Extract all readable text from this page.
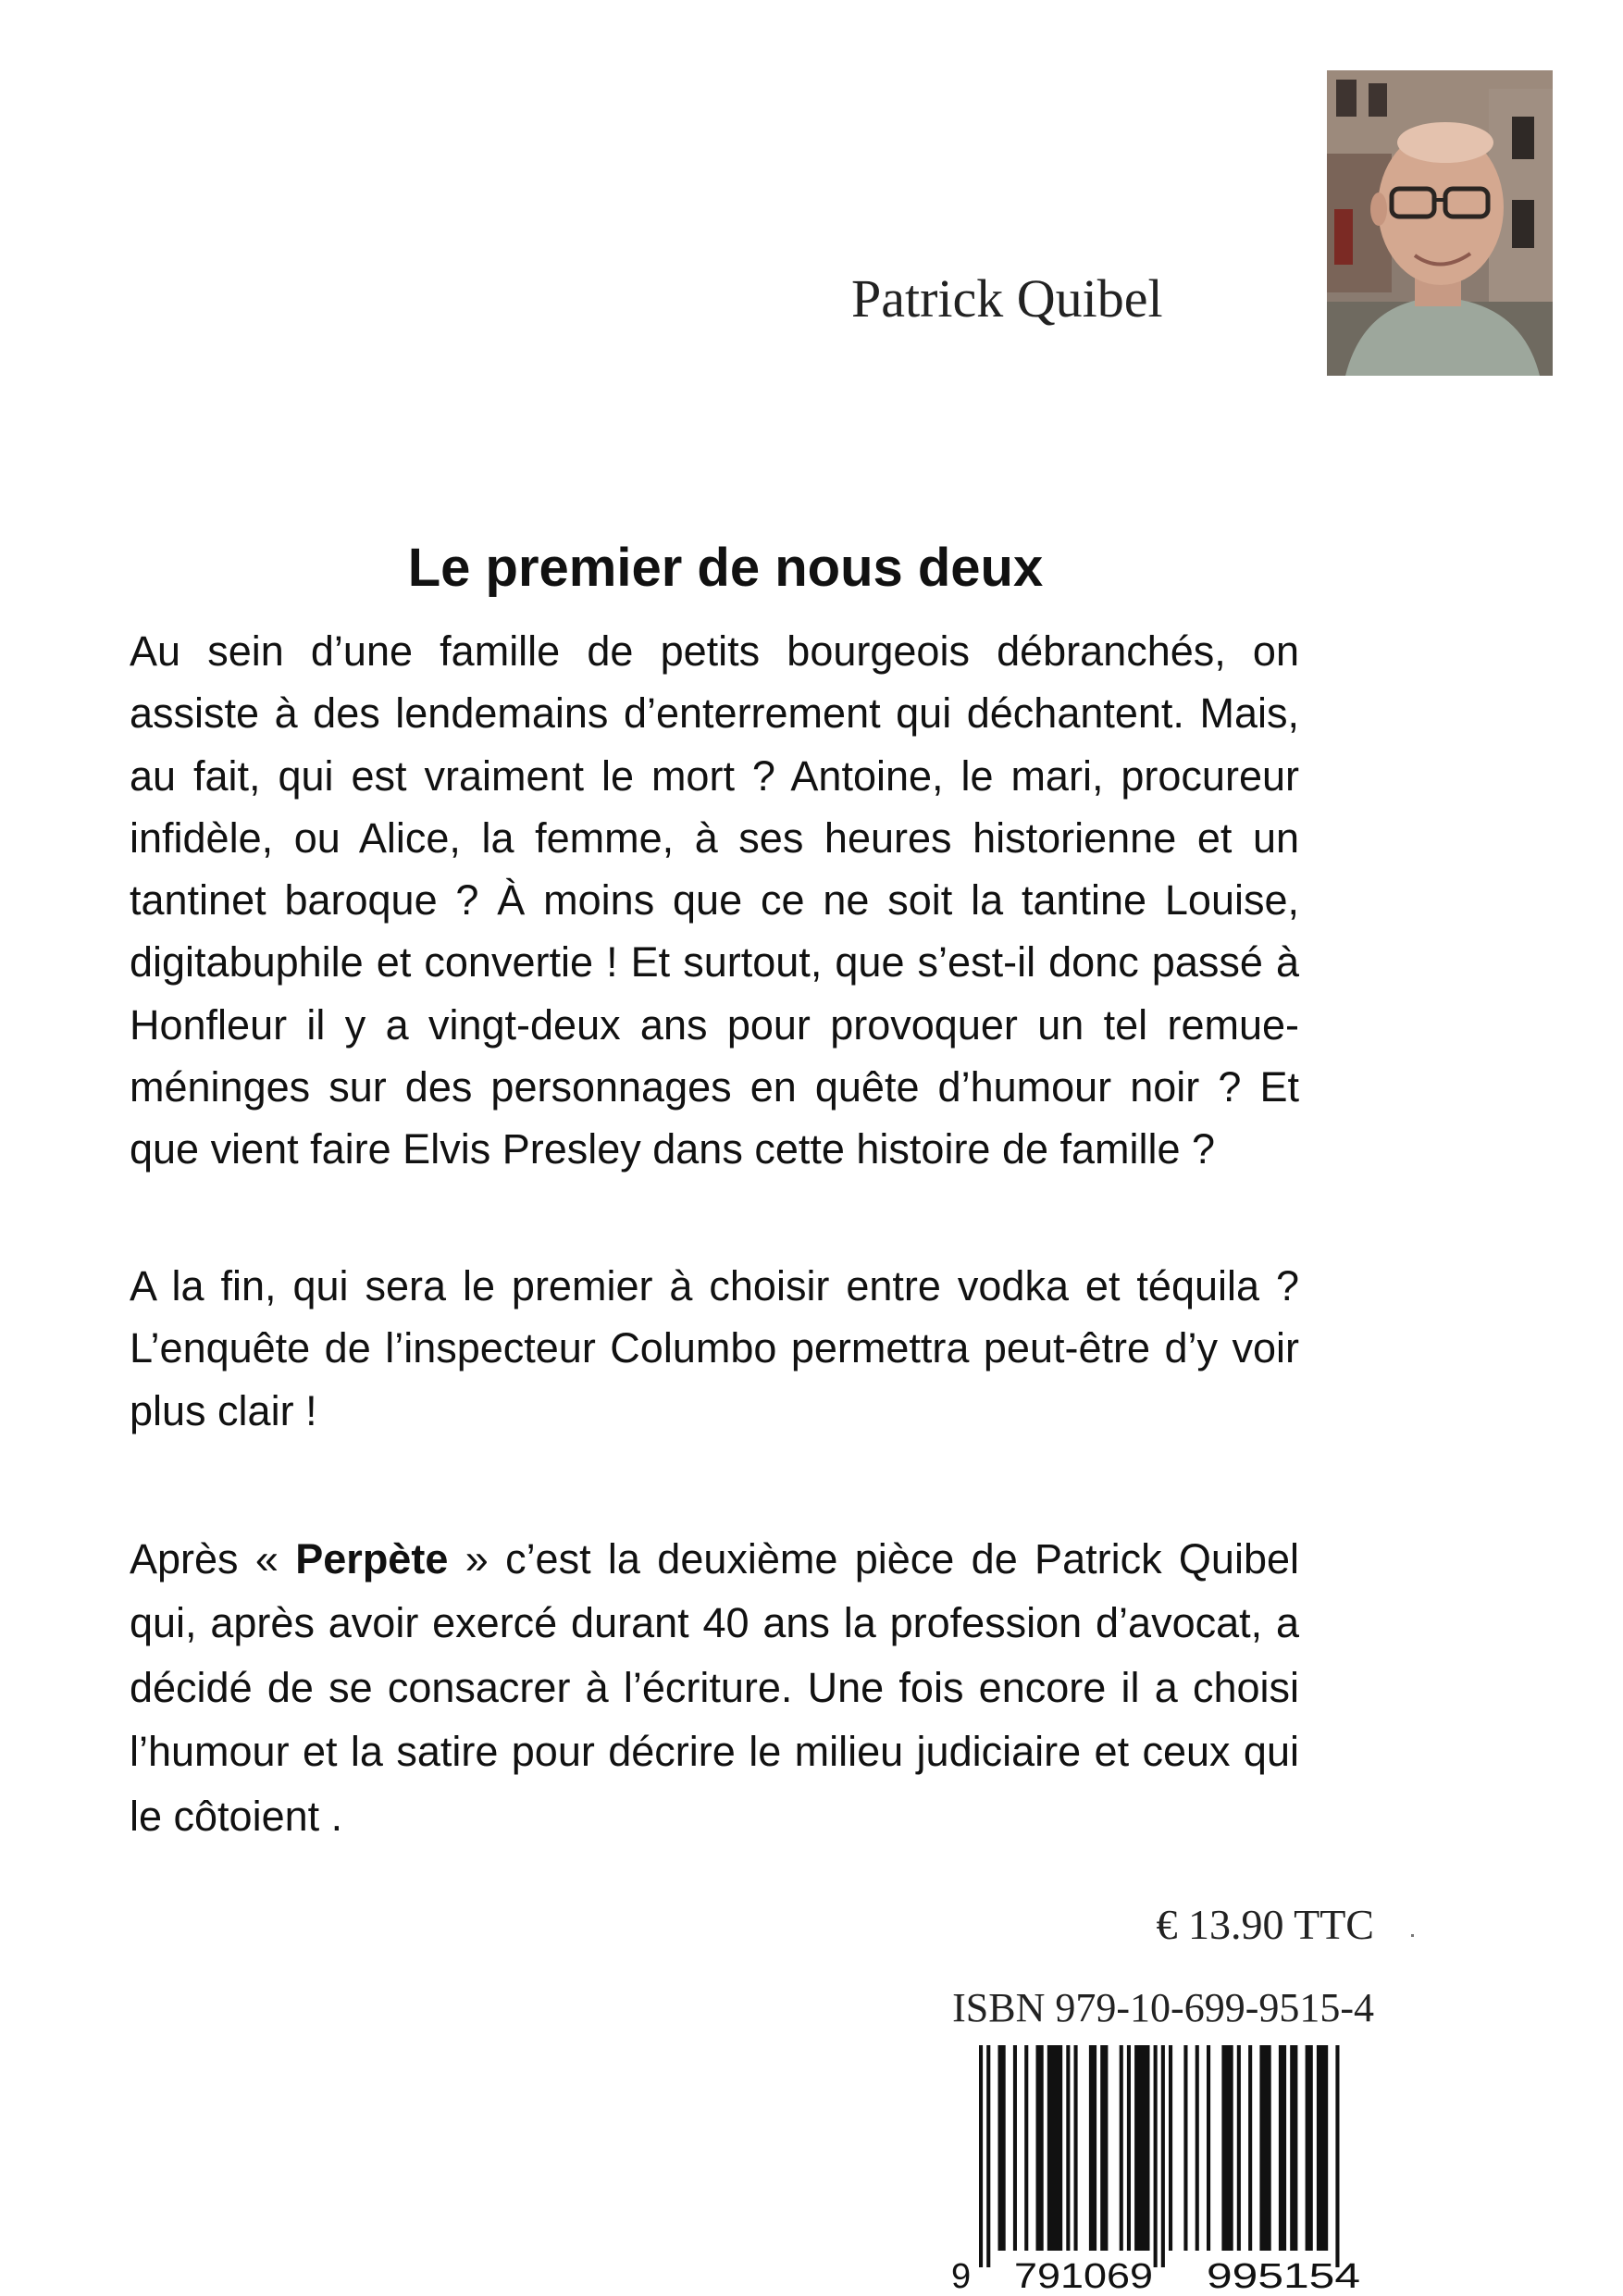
Patrick Quibel
Le premier de nous deux

Au sein d’une famille de petits bourgeois débranchés, on assiste à des lendemains d’enterrement qui déchantent. Mais, au fait, qui est vraiment le mort ? Antoine, le mari, procureur infidèle, ou Alice, la femme, à ses heures historienne et un tantinet baroque ? À moins que ce ne soit la tantine Louise, digitabuphile et convertie ! Et surtout, que s’est-il donc passé à Honfleur il y a vingt-deux ans pour provoquer un tel remue-méninges sur des personnages en quête d’humour noir ? Et que vient faire Elvis Presley dans cette histoire de famille ?

A la fin, qui sera le premier à choisir entre vodka et téquila ? L’enquête de l’inspecteur Columbo permettra peut-être d’y voir plus clair !

Après « Perpète » c’est la deuxième pièce de Patrick Quibel qui, après avoir exercé durant 40 ans la profession d’avocat, a décidé de se consacrer à l’écriture. Une fois encore il a choisi l’humour et la satire pour décrire le milieu judiciaire et ceux qui le côtoient .

€ 13.90 TTC
ISBN 979-10-699-9515-4
9 791069 995154
